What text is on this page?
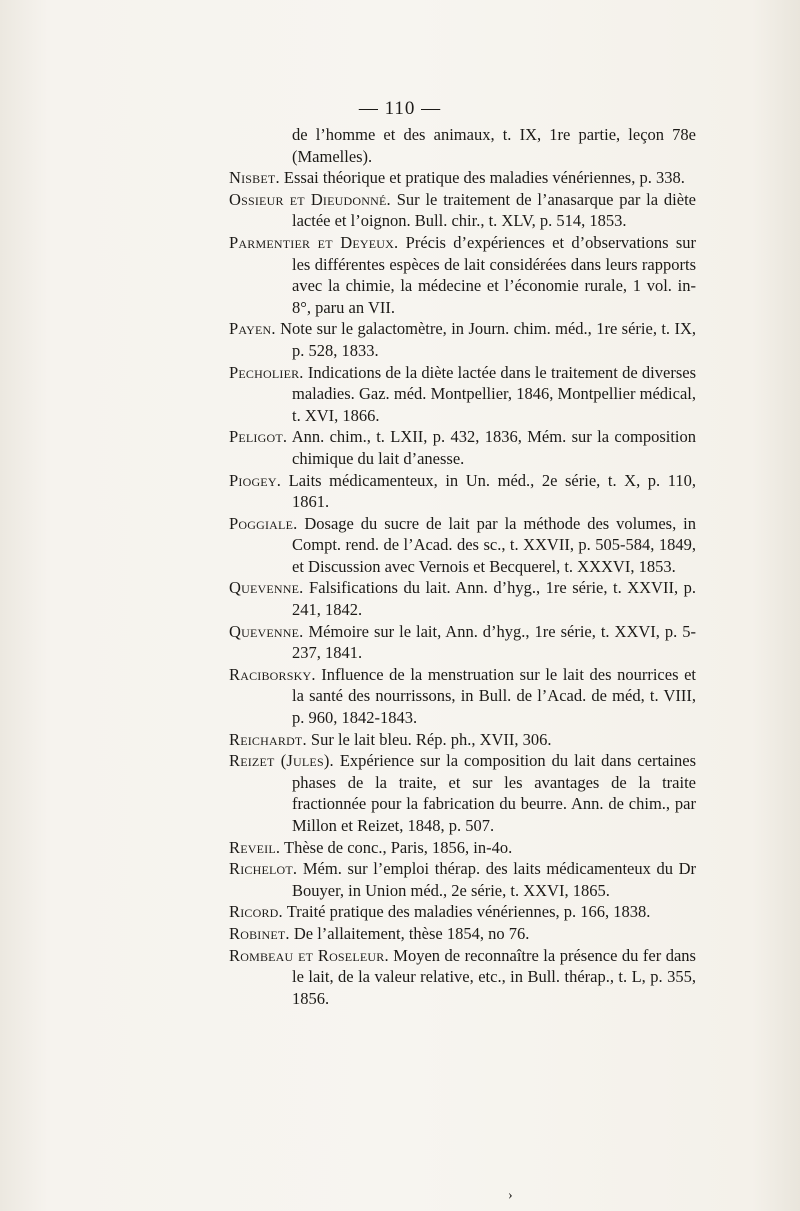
— 110 —

de l’homme et des animaux, t. IX, 1re partie, leçon 78e (Mamelles).

Nisbet. Essai théorique et pratique des maladies vénériennes, p. 338.

Ossieur et Dieudonné. Sur le traitement de l’anasarque par la diète lactée et l’oignon. Bull. chir., t. XLV, p. 514, 1853.

Parmentier et Deyeux. Précis d’expériences et d’observations sur les différentes espèces de lait considérées dans leurs rapports avec la chimie, la médecine et l’économie rurale, 1 vol. in-8°, paru an VII.

Payen. Note sur le galactomètre, in Journ. chim. méd., 1re série, t. IX, p. 528, 1833.

Pecholier. Indications de la diète lactée dans le traitement de diverses maladies. Gaz. méd. Montpellier, 1846, Montpellier médical, t. XVI, 1866.

Peligot. Ann. chim., t. LXII, p. 432, 1836, Mém. sur la composition chimique du lait d’anesse.

Piogey. Laits médicamenteux, in Un. méd., 2e série, t. X, p. 110, 1861.

Poggiale. Dosage du sucre de lait par la méthode des volumes, in Compt. rend. de l’Acad. des sc., t. XXVII, p. 505-584, 1849, et Discussion avec Vernois et Becquerel, t. XXXVI, 1853.

Quevenne. Falsifications du lait. Ann. d’hyg., 1re série, t. XXVII, p. 241, 1842.

Quevenne. Mémoire sur le lait, Ann. d’hyg., 1re série, t. XXVI, p. 5-237, 1841.

Raciborsky. Influence de la menstruation sur le lait des nourrices et la santé des nourrissons, in Bull. de l’Acad. de méd, t. VIII, p. 960, 1842-1843.

Reichardt. Sur le lait bleu. Rép. ph., XVII, 306.

Reizet (Jules). Expérience sur la composition du lait dans certaines phases de la traite, et sur les avantages de la traite fractionnée pour la fabrication du beurre. Ann. de chim., par Millon et Reizet, 1848, p. 507.

Reveil. Thèse de conc., Paris, 1856, in-4o.

Richelot. Mém. sur l’emploi thérap. des laits médicamenteux du Dr Bouyer, in Union méd., 2e série, t. XXVI, 1865.

Ricord. Traité pratique des maladies vénériennes, p. 166, 1838.

Robinet. De l’allaitement, thèse 1854, no 76.

Rombeau et Roseleur. Moyen de reconnaître la présence du fer dans le lait, de la valeur relative, etc., in Bull. thérap., t. L, p. 355, 1856.

›
